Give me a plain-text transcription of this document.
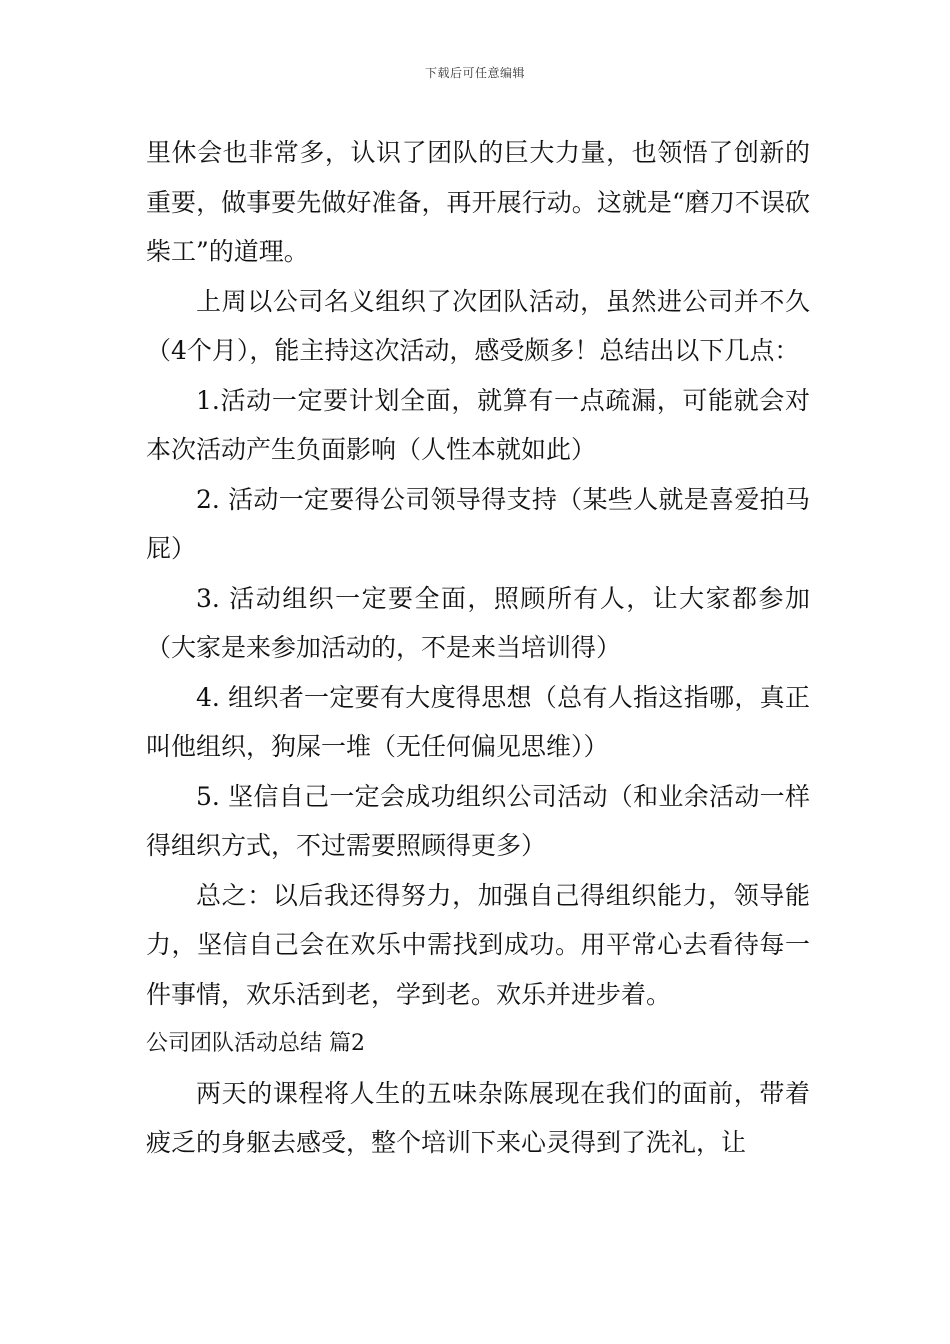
下载后可任意编辑

里休会也非常多，认识了团队的巨大力量，也领悟了创新的重要，做事要先做好准备，再开展行动。这就是“磨刀不误砍柴工”的道理。

上周以公司名义组织了次团队活动，虽然进公司并不久（4个月），能主持这次活动，感受颇多！总结出以下几点：

1.活动一定要计划全面，就算有一点疏漏，可能就会对本次活动产生负面影响（人性本就如此）

2. 活动一定要得公司领导得支持（某些人就是喜爱拍马屁）

3. 活动组织一定要全面，照顾所有人，让大家都参加（大家是来参加活动的，不是来当培训得）

4. 组织者一定要有大度得思想（总有人指这指哪，真正叫他组织，狗屎一堆（无任何偏见思维））

5. 坚信自己一定会成功组织公司活动（和业余活动一样得组织方式，不过需要照顾得更多）

总之：以后我还得努力，加强自己得组织能力，领导能力，坚信自己会在欢乐中需找到成功。用平常心去看待每一件事情，欢乐活到老，学到老。欢乐并进步着。

公司团队活动总结 篇2

两天的课程将人生的五味杂陈展现在我们的面前，带着疲乏的身躯去感受，整个培训下来心灵得到了洗礼，让
